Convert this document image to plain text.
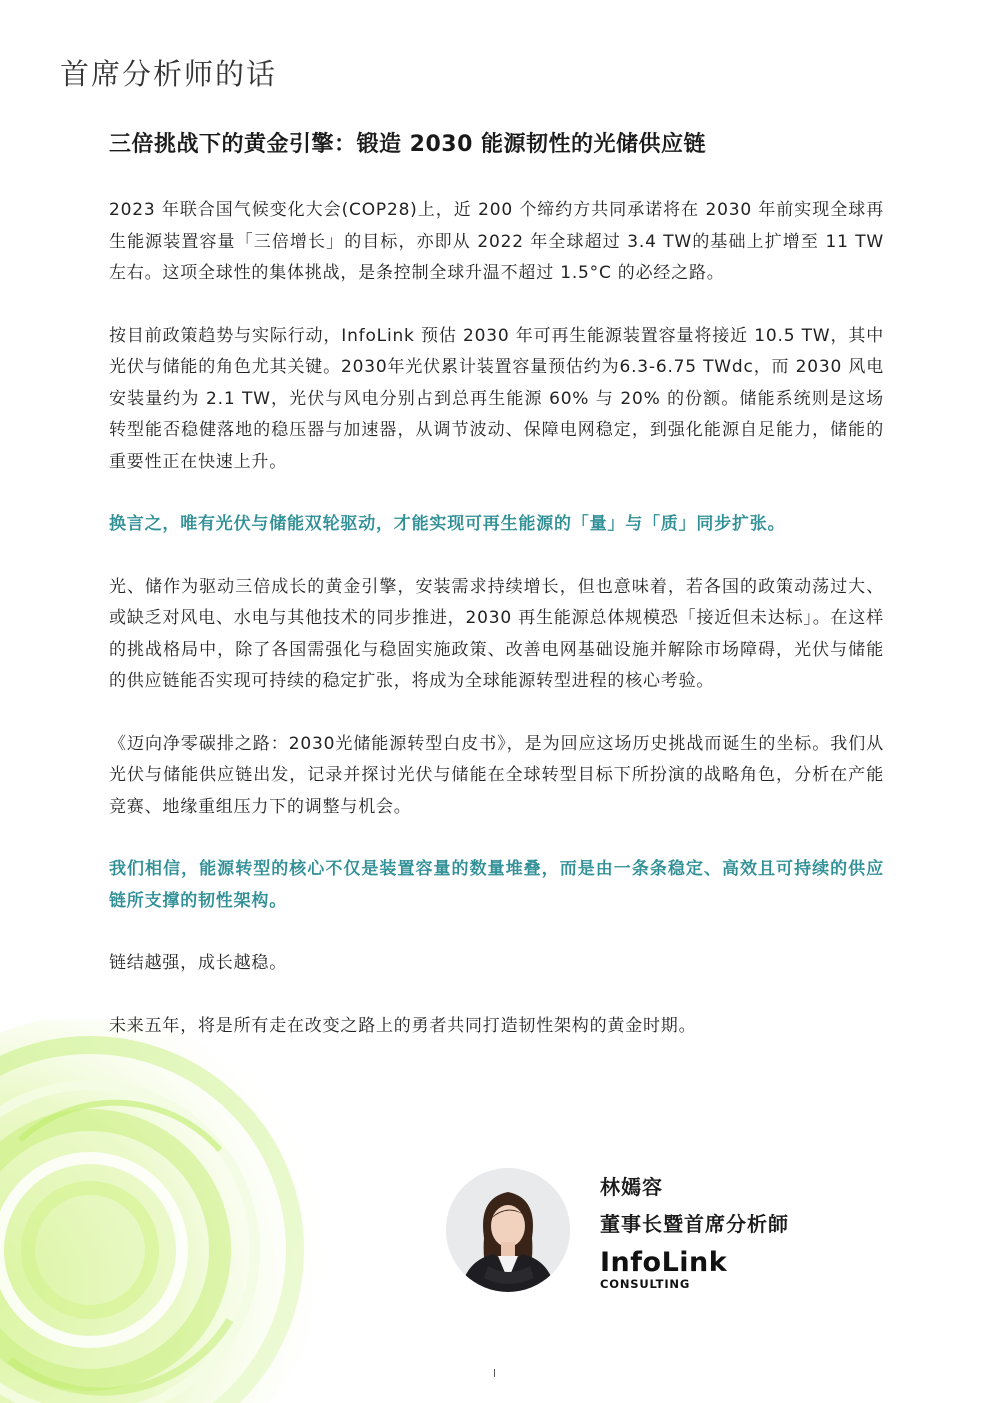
首席分析师的话
三倍挑战下的黄金引擎：锻造 2030 能源韧性的光储供应链

2023 年联合国气候变化大会(COP28)上，近 200 个缔约方共同承诺将在 2030 年前实现全球再生能源装置容量「三倍增长」的目标，亦即从 2022 年全球超过 3.4 TW的基础上扩增至 11 TW 左右。这项全球性的集体挑战，是条控制全球升温不超过 1.5°C 的必经之路。

按目前政策趋势与实际行动，InfoLink 预估 2030 年可再生能源装置容量将接近 10.5 TW，其中光伏与储能的角色尤其关键。2030年光伏累计装置容量预估约为6.3-6.75 TWdc，而 2030 风电安装量约为 2.1 TW，光伏与风电分别占到总再生能源 60% 与 20% 的份额。储能系统则是这场转型能否稳健落地的稳压器与加速器，从调节波动、保障电网稳定，到强化能源自足能力，储能的重要性正在快速上升。

换言之，唯有光伏与储能双轮驱动，才能实现可再生能源的「量」与「质」同步扩张。

光、储作为驱动三倍成长的黄金引擎，安装需求持续增长，但也意味着，若各国的政策动荡过大、或缺乏对风电、水电与其他技术的同步推进，2030 再生能源总体规模恐「接近但未达标」。在这样的挑战格局中，除了各国需强化与稳固实施政策、改善电网基础设施并解除市场障碍，光伏与储能的供应链能否实现可持续的稳定扩张，将成为全球能源转型进程的核心考验。

《迈向净零碳排之路：2030光储能源转型白皮书》，是为回应这场历史挑战而诞生的坐标。我们从光伏与储能供应链出发，记录并探讨光伏与储能在全球转型目标下所扮演的战略角色，分析在产能竞赛、地缘重组压力下的调整与机会。

我们相信，能源转型的核心不仅是装置容量的数量堆叠，而是由一条条稳定、高效且可持续的供应链所支撑的韧性架构。

链结越强，成长越稳。

未来五年，将是所有走在改变之路上的勇者共同打造韧性架构的黄金时期。

林嫣容
董事长暨首席分析師
InfoLink
CONSULTING
